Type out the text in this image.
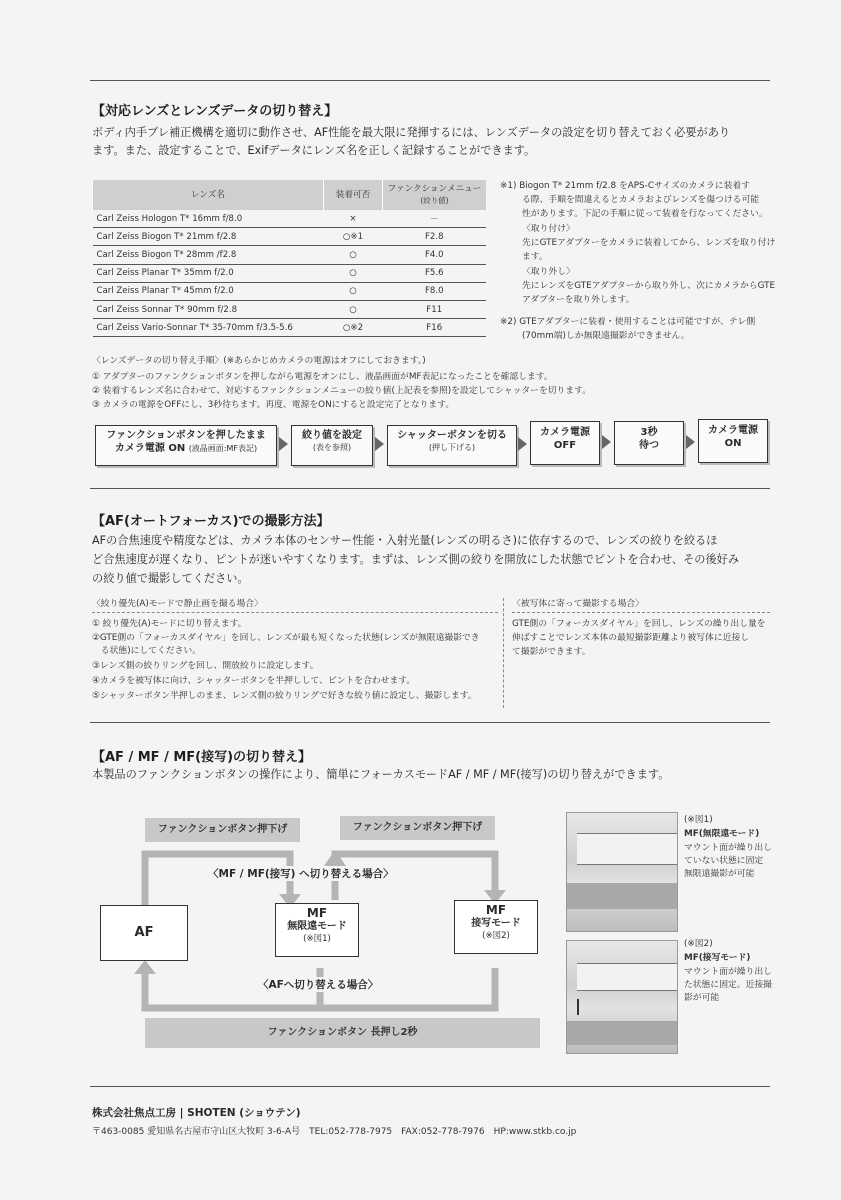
【対応レンズとレンズデータの切り替え】
ボディ内手ブレ補正機構を適切に動作させ、AF性能を最大限に発揮するには、レンズデータの設定を切り替えておく必要があり
ます。また、設定することで、Exifデータにレンズ名を正しく記録することができます。
レンズ名	装着可否	ファンクションメニュー
(絞り値)
Carl Zeiss Hologon T* 16mm f/8.0	×	－
Carl Zeiss Biogon T* 21mm f/2.8	○※1	F2.8
Carl Zeiss Biogon T* 28mm /f2.8	○	F4.0
Carl Zeiss Planar T* 35mm f/2.0	○	F5.6
Carl Zeiss Planar T* 45mm f/2.0	○	F8.0
Carl Zeiss Sonnar T* 90mm f/2.8	○	F11
Carl Zeiss Vario-Sonnar T* 35-70mm f/3.5-5.6	○※2	F16
※1) Biogon T* 21mm f/2.8 をAPS-Cサイズのカメラに装着す
る際、手順を間違えるとカメラおよびレンズを傷つける可能
性があります。下記の手順に従って装着を行なってください。
〈取り付け〉
先にGTEアダプターをカメラに装着してから、レンズを取り付け
ます。
〈取り外し〉
先にレンズをGTEアダプターから取り外し、次にカメラからGTE
アダプターを取り外します。
※2) GTEアダプターに装着・使用することは可能ですが、テレ側
(70mm端)しか無限遠撮影ができません。
〈レンズデータの切り替え手順〉(※あらかじめカメラの電源はオフにしておきます。)
① アダプターのファンクションボタンを押しながら電源をオンにし、液晶画面がMF表記になったことを確認します。
② 装着するレンズ名に合わせて、対応するファンクションメニューの絞り値(上記表を参照)を設定してシャッターを切ります。
③ カメラの電源をOFFにし、3秒待ちます。再度、電源をONにすると設定完了となります。
ファンクションボタンを押したまま
カメラ電源 ON (液晶画面:MF表記)
絞り値を設定
(表を参照)
シャッターボタンを切る
(押し下げる)
カメラ電源
OFF
3秒
待つ
カメラ電源
ON
【AF(オートフォーカス)での撮影方法】
AFの合焦速度や精度などは、カメラ本体のセンサー性能・入射光量(レンズの明るさ)に依存するので、レンズの絞りを絞るほ
ど合焦速度が遅くなり、ピントが迷いやすくなります。まずは、レンズ側の絞りを開放にした状態でピントを合わせ、その後好み
の絞り値で撮影してください。
〈絞り優先(A)モードで静止画を撮る場合〉
① 絞り優先(A)モードに切り替えます。
②GTE側の「フォーカスダイヤル」を回し、レンズが最も短くなった状態(レンズが無限遠撮影でき
　る状態)にしてください。
③レンズ側の絞りリングを回し、開放絞りに設定します。
④カメラを被写体に向け、シャッターボタンを半押しして、ピントを合わせます。
⑤シャッターボタン半押しのまま、レンズ側の絞りリングで好きな絞り値に設定し、撮影します。
〈被写体に寄って撮影する場合〉
GTE側の「フォーカスダイヤル」を回し、レンズの繰り出し量を
伸ばすことでレンズ本体の最短撮影距離より被写体に近接し
て撮影ができます。
【AF / MF / MF(接写)の切り替え】
本製品のファンクションボタンの操作により、簡単にフォーカスモードAF / MF / MF(接写)の切り替えができます。
ファンクションボタン押下げ	ファンクションボタン押下げ
〈MF / MF(接写) へ切り替える場合〉
AF
MF
無限遠モード
(※図1)
MF
接写モード
(※図2)
〈AFへ切り替える場合〉
ファンクションボタン 長押し2秒
(※図1)
MF(無限遠モード)
マウント面が繰り出し
ていない状態に固定
無限遠撮影が可能
(※図2)
MF(接写モード)
マウント面が繰り出し
た状態に固定。近接撮
影が可能
株式会社焦点工房 | SHOTEN (ショウテン)
〒463-0085 愛知県名古屋市守山区大牧町 3-6-A号　TEL:052-778-7975　FAX:052-778-7976　HP:www.stkb.co.jp
